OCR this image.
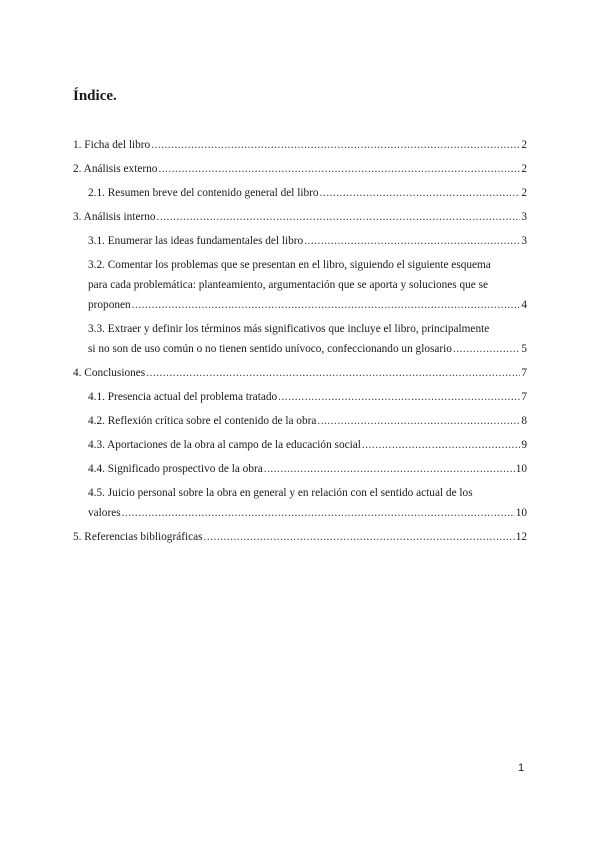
Índice.
1. Ficha del libro .....	2
2. Análisis externo .....	2
2.1. Resumen breve del contenido general del libro .....	2
3. Análisis interno .....	3
3.1. Enumerar las ideas fundamentales del libro .....	3
3.2. Comentar los problemas que se presentan en el libro, siguiendo el siguiente esquema
para cada problemática: planteamiento, argumentación que se aporta y soluciones que se
proponen .....	4
3.3. Extraer y definir los términos más significativos que incluye el libro, principalmente
si no son de uso común o no tienen sentido unívoco, confeccionando un glosario .....	5
4. Conclusiones .....	7
4.1. Presencia actual del problema tratado .....	7
4.2. Reflexión crítica sobre el contenido de la obra .....	8
4.3. Aportaciones de la obra al campo de la educación social .....	9
4.4. Significado prospectivo de la obra .....	10
4.5. Juicio personal sobre la obra en general y en relación con el sentido actual de los
valores .....	10
5. Referencias bibliográficas .....	12
1
